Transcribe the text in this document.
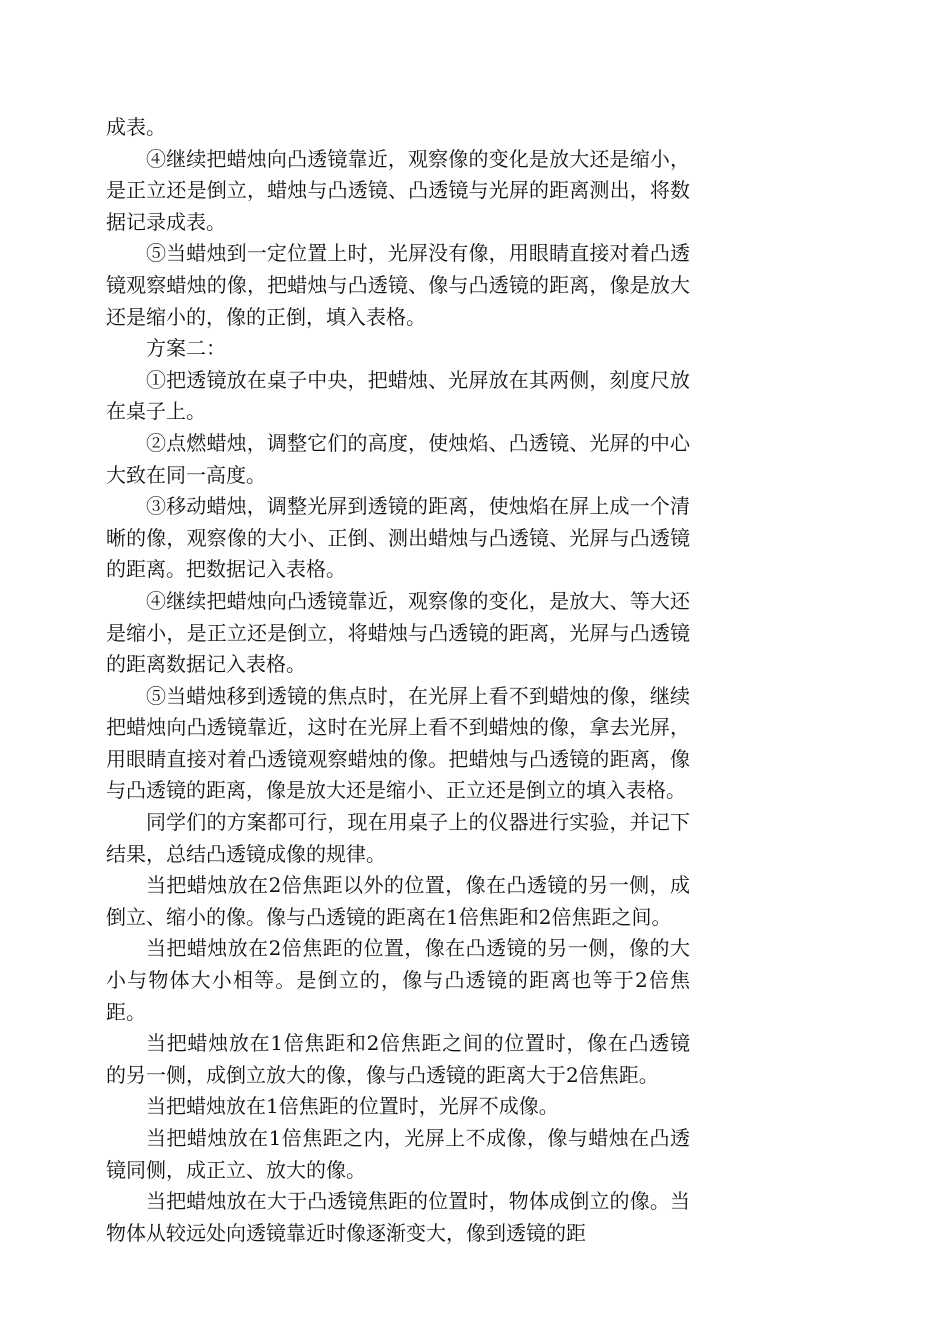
成表。

④继续把蜡烛向凸透镜靠近，观察像的变化是放大还是缩小，是正立还是倒立，蜡烛与凸透镜、凸透镜与光屏的距离测出，将数据记录成表。

⑤当蜡烛到一定位置上时，光屏没有像，用眼睛直接对着凸透镜观察蜡烛的像，把蜡烛与凸透镜、像与凸透镜的距离，像是放大还是缩小的，像的正倒，填入表格。

方案二：

①把透镜放在桌子中央，把蜡烛、光屏放在其两侧，刻度尺放在桌子上。

②点燃蜡烛，调整它们的高度，使烛焰、凸透镜、光屏的中心大致在同一高度。

③移动蜡烛，调整光屏到透镜的距离，使烛焰在屏上成一个清晰的像，观察像的大小、正倒、测出蜡烛与凸透镜、光屏与凸透镜的距离。把数据记入表格。

④继续把蜡烛向凸透镜靠近，观察像的变化，是放大、等大还是缩小，是正立还是倒立，将蜡烛与凸透镜的距离，光屏与凸透镜的距离数据记入表格。

⑤当蜡烛移到透镜的焦点时，在光屏上看不到蜡烛的像，继续把蜡烛向凸透镜靠近，这时在光屏上看不到蜡烛的像，拿去光屏，用眼睛直接对着凸透镜观察蜡烛的像。把蜡烛与凸透镜的距离，像与凸透镜的距离，像是放大还是缩小、正立还是倒立的填入表格。

同学们的方案都可行，现在用桌子上的仪器进行实验，并记下结果，总结凸透镜成像的规律。

当把蜡烛放在2倍焦距以外的位置，像在凸透镜的另一侧，成倒立、缩小的像。像与凸透镜的距离在1倍焦距和2倍焦距之间。

当把蜡烛放在2倍焦距的位置，像在凸透镜的另一侧，像的大小与物体大小相等。是倒立的，像与凸透镜的距离也等于2倍焦距。

当把蜡烛放在1倍焦距和2倍焦距之间的位置时，像在凸透镜的另一侧，成倒立放大的像，像与凸透镜的距离大于2倍焦距。

当把蜡烛放在1倍焦距的位置时，光屏不成像。

当把蜡烛放在1倍焦距之内，光屏上不成像，像与蜡烛在凸透镜同侧，成正立、放大的像。

当把蜡烛放在大于凸透镜焦距的位置时，物体成倒立的像。当物体从较远处向透镜靠近时像逐渐变大，像到透镜的距
